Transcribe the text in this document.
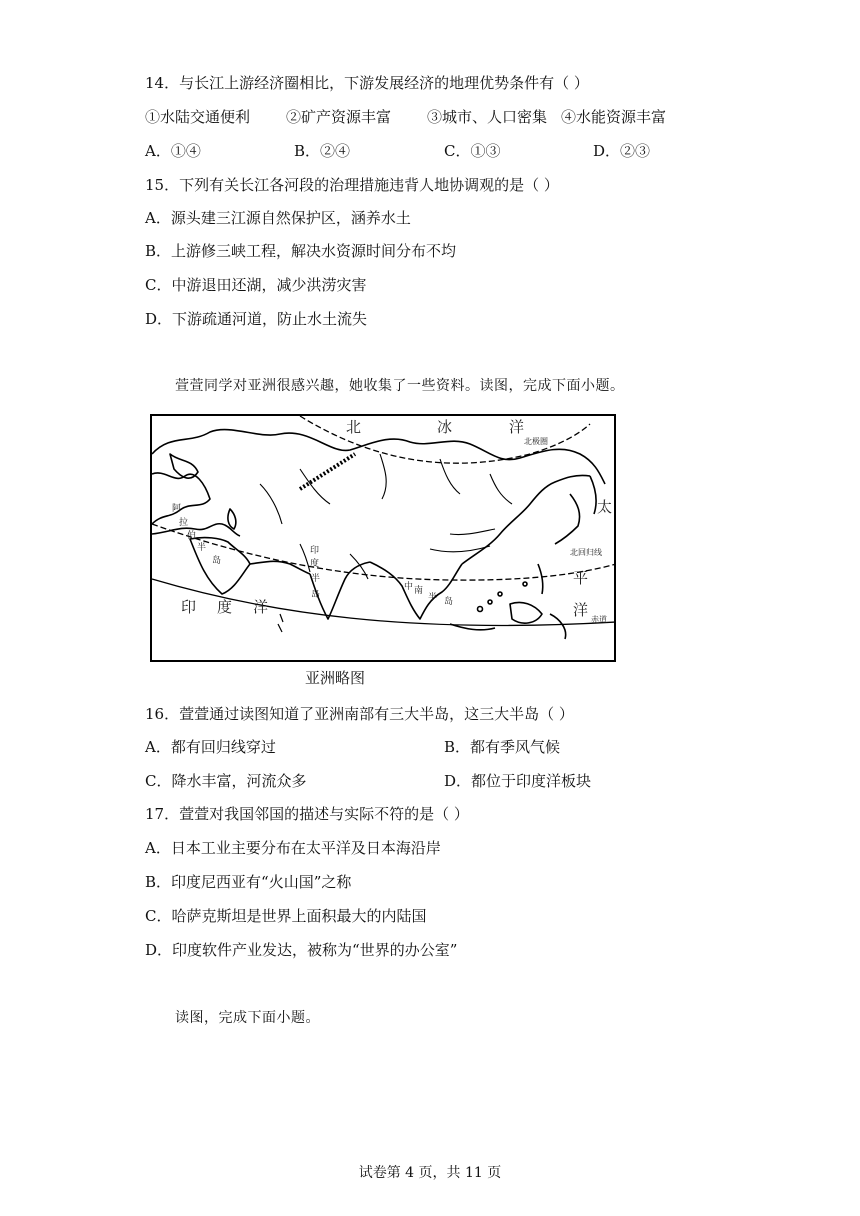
14．与长江上游经济圈相比，下游发展经济的地理优势条件有（ ）
①水陆交通便利 ②矿产资源丰富 ③城市、人口密集 ④水能资源丰富
A．①④	B．②④	C．①③	D．②③
15．下列有关长江各河段的治理措施违背人地协调观的是（ ）
A．源头建三江源自然保护区，涵养水土
B．上游修三峡工程，解决水资源时间分布不均
C．中游退田还湖，减少洪涝灾害
D．下游疏通河道，防止水土流失
萱萱同学对亚洲很感兴趣，她收集了一些资料。读图，完成下面小题。
北	冰	洋
北极圈
太
北回归线
平
洋
赤道
印 度 洋
阿
拉
伯
半
岛
印
度
半
岛
中 南
半 岛
亚洲略图
16．萱萱通过读图知道了亚洲南部有三大半岛，这三大半岛（ ）
A．都有回归线穿过	B．都有季风气候
C．降水丰富，河流众多	D．都位于印度洋板块
17．萱萱对我国邻国的描述与实际不符的是（ ）
A．日本工业主要分布在太平洋及日本海沿岸
B．印度尼西亚有“火山国”之称
C．哈萨克斯坦是世界上面积最大的内陆国
D．印度软件产业发达，被称为“世界的办公室”
读图，完成下面小题。
试卷第 4 页，共 11 页
